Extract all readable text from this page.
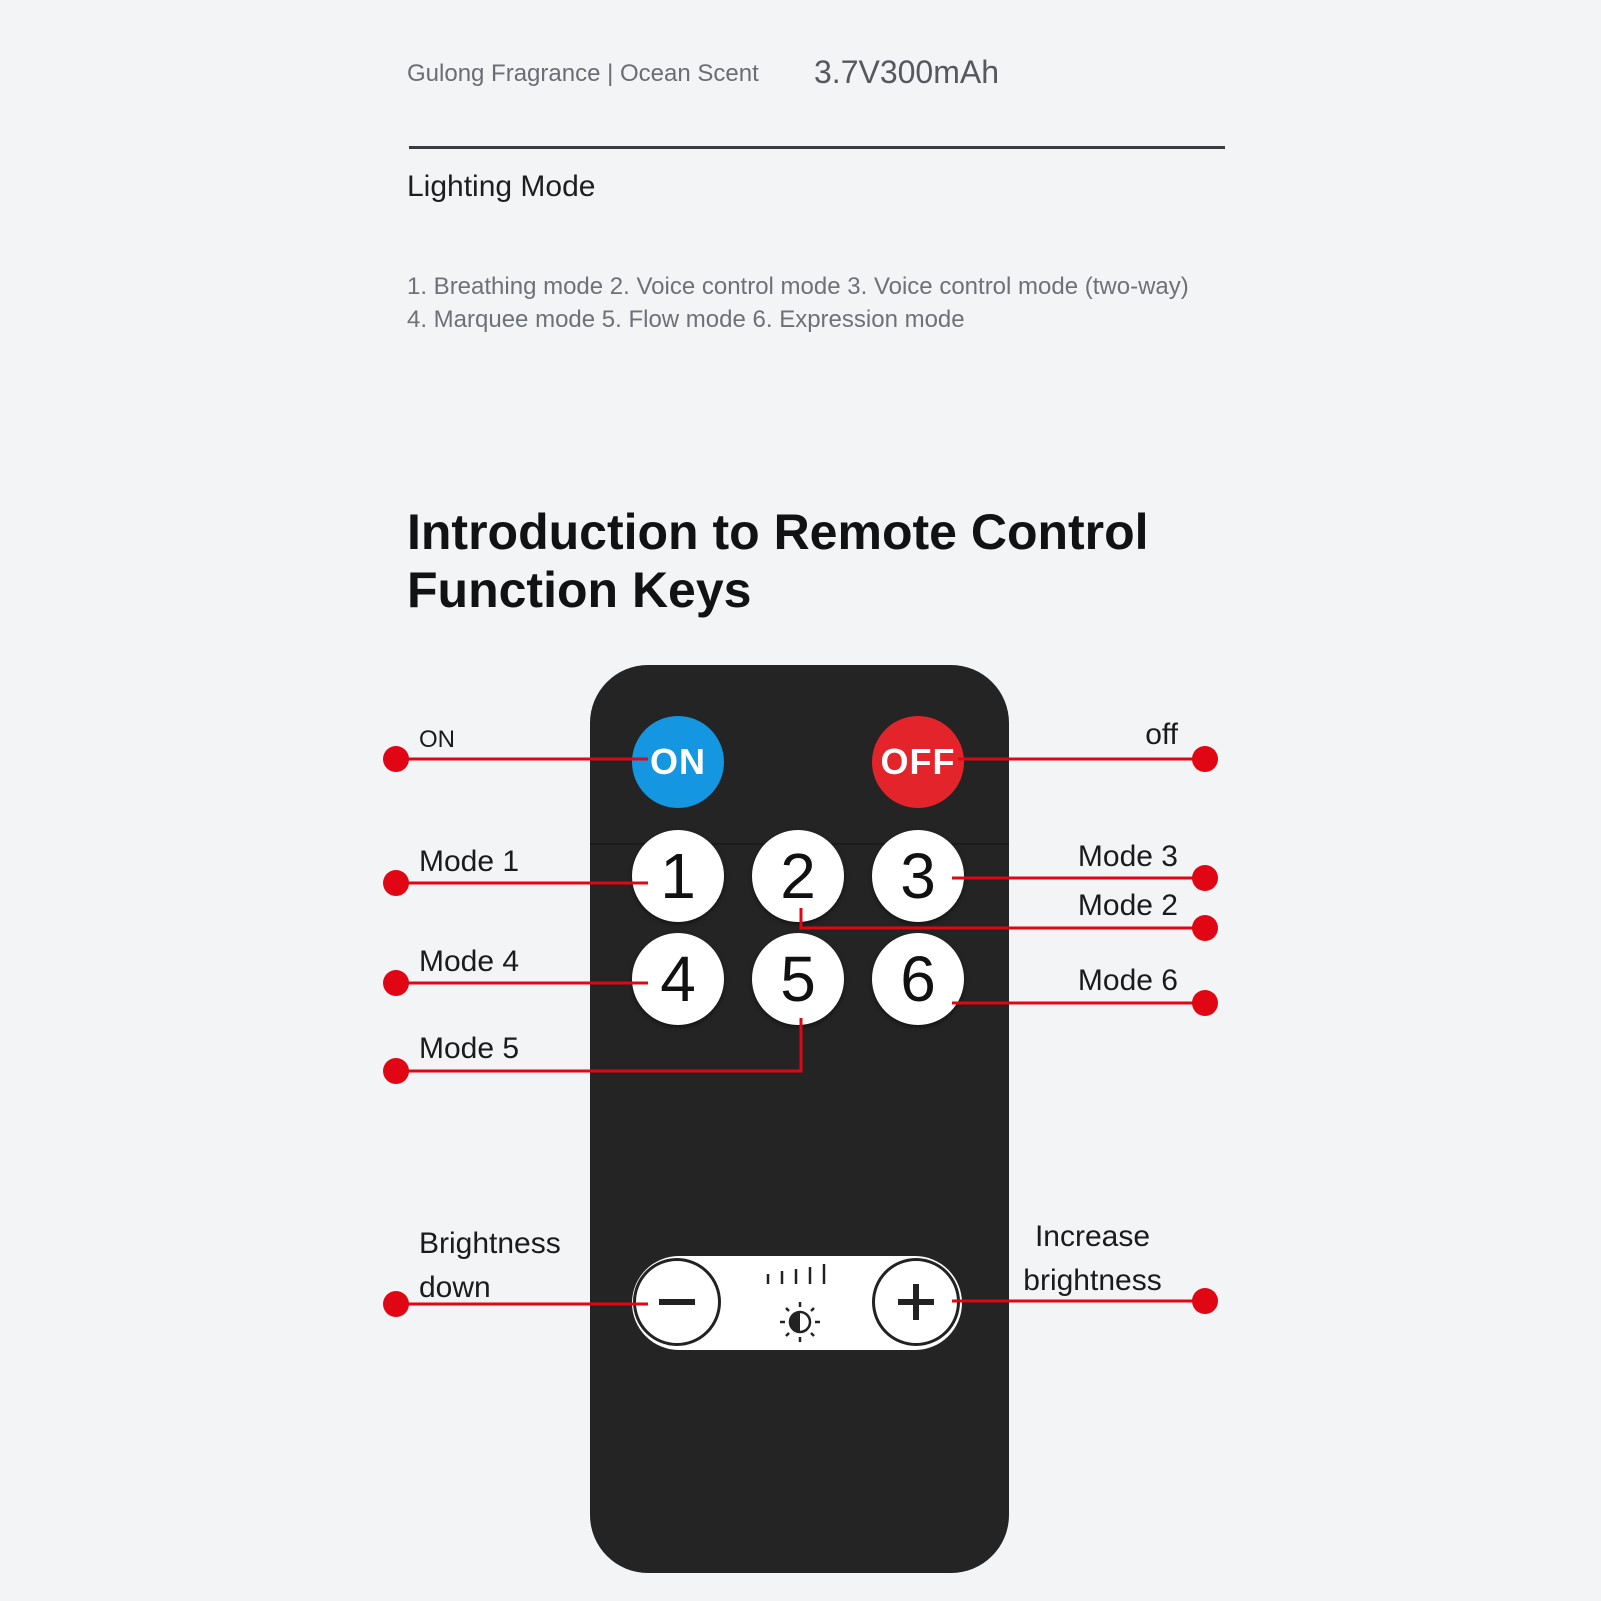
Gulong Fragrance | Ocean Scent 3.7V300mAh
Lighting Mode
1. Breathing mode 2. Voice control mode 3. Voice control mode (two-way)
4. Marquee mode 5. Flow mode 6. Expression mode
Introduction to Remote Control
Function Keys
ON	OFF
1	2	3
4	5	6
ON	off
Mode 1	Mode 3
Mode 2
Mode 4
Mode 6
Mode 5
Brightness
down
Increase
brightness
